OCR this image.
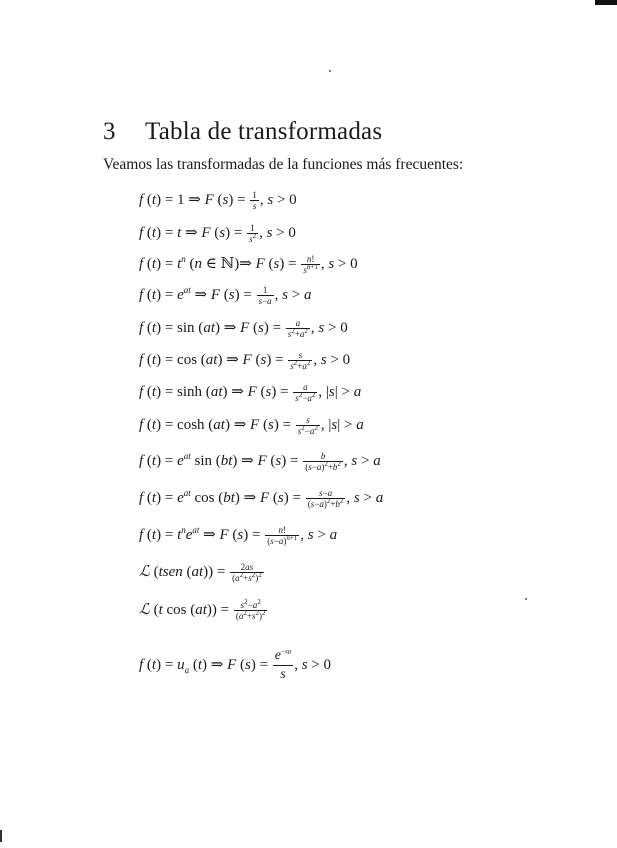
3 Tabla de transformadas
Veamos las transformadas de la funciones más frecuentes:
f (t) = 1 ⇒ F $(s) = \frac{1}{s}$ , s > 0
f (t) = t ⇒ F $(s) = \frac{1}{s^2}$ , s > 0
f $(t) = t^n$ (n ∈ ℕ)⇒ F $(s) = \frac{n!}{s^{n+1}}$ , s > 0
f $(t) = e^{at}$ ⇒ F $(s) = \frac{1}{s-a}$ , s > a
f (t) = sin (at) ⇒ F $(s) = \frac{a}{s^2+a^2}$ , s > 0
f (t) = cos (at) ⇒ F $(s) = \frac{s}{s^2+a^2}$ , s > 0
f (t) = sinh (at) ⇒ F $(s) = \frac{a}{s^2-a^2}$ , |s| > a
f (t) = cosh (at) ⇒ F $(s) = \frac{s}{s^2-a^2}$ , |s| > a
f $(t) = e^{at}$ sin (bt) ⇒ F $(s) = \frac{b}{(s-a)^2+b^2}$ , s > a
f $(t) = e^{at}$ cos (bt) ⇒ F $(s) = \frac{s-a}{(s-a)^2+b^2}$ , s > a
f $(t) = t^ne^{at}$ ⇒ F $(s) = \frac{n!}{(s-a)^{n+1}}$ , s > a
ℒ (tsen $(at)) = \frac{2as}{(a^2+s^2)^2}$
ℒ (t $\cos (at)) = \frac{s^2-a^2}{(a^2+s^2)^2}$
f $(t) = u_a$ (t) ⇒ F $(s) = \frac{e^{-sa}}{s}$ , s > 0
